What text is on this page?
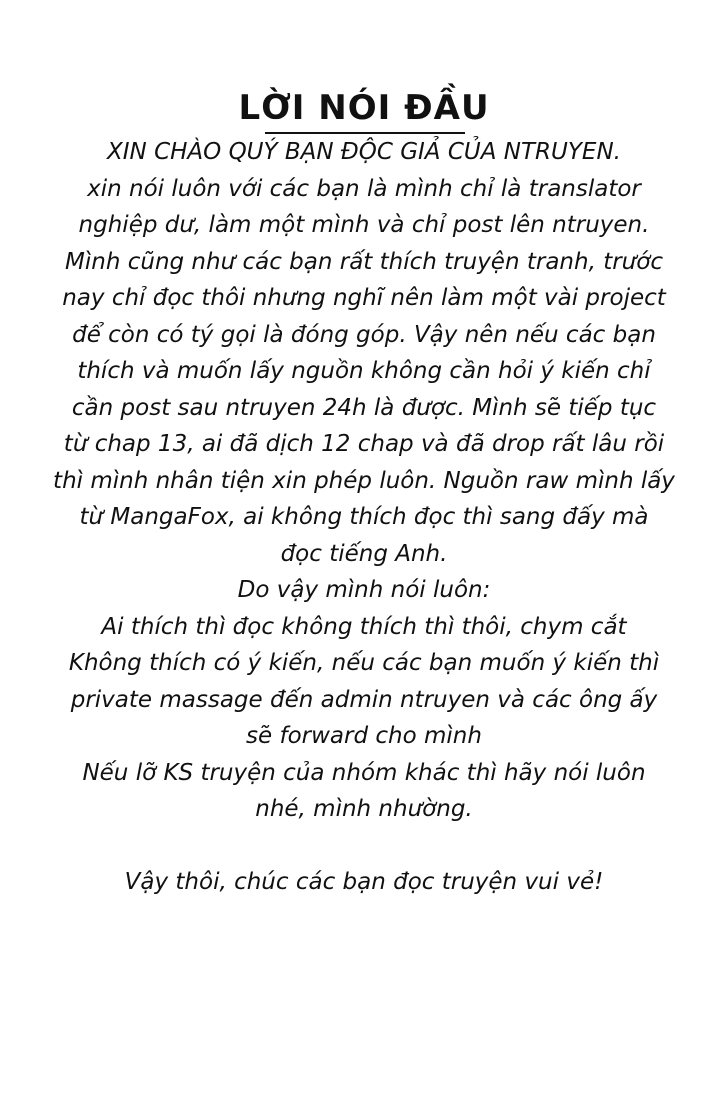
LỜI NÓI ĐẦU
XIN CHÀO QUÝ BẠN ĐỘC GIẢ CỦA NTRUYEN.
xin nói luôn với các bạn là mình chỉ là translator
nghiệp dư, làm một mình và chỉ post lên ntruyen.
Mình cũng như các bạn rất thích truyện tranh, trước
nay chỉ đọc thôi nhưng nghĩ nên làm một vài project
để còn có tý gọi là đóng góp. Vậy nên nếu các bạn
thích và muốn lấy nguồn không cần hỏi ý kiến chỉ
cần post sau ntruyen 24h là được. Mình sẽ tiếp tục
từ chap 13, ai đã dịch 12 chap và đã drop rất lâu rồi
thì mình nhân tiện xin phép luôn. Nguồn raw mình lấy
từ MangaFox, ai không thích đọc thì sang đấy mà
đọc tiếng Anh.
Do vậy mình nói luôn:
Ai thích thì đọc không thích thì thôi, chym cắt
Không thích có ý kiến, nếu các bạn muốn ý kiến thì
private massage đến admin ntruyen và các ông ấy
sẽ forward cho mình
Nếu lỡ KS truyện của nhóm khác thì hãy nói luôn
nhé, mình nhường.
Vậy thôi, chúc các bạn đọc truyện vui vẻ!
